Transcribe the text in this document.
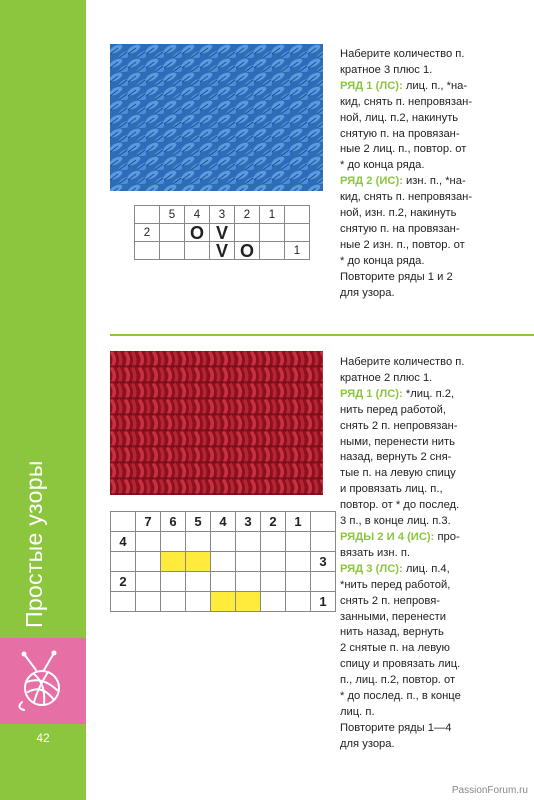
Простые узоры
42

Наберите количество п.

кратное 3 плюс 1.

РЯД 1 (ЛС): лиц. п., *на-

кид, снять п. непровязан-

ной, лиц. п.2, накинуть

снятую п. на провязан-

ные 2 лиц. п., повтор. от

* до конца ряда.

РЯД 2 (ИС): изн. п., *на-

кид, снять п. непровязан-

ной, изн. п.2, накинуть

снятую п. на провязан-

ные 2 изн. п., повтор. от

* до конца ряда.

Повторите ряды 1 и 2

для узора.

	5	4	3	2	1	
2		O	V			
			V	O		1

Наберите количество п.

кратное 2 плюс 1.

РЯД 1 (ЛС): *лиц. п.2,

нить перед работой,

снять 2 п. непровязан-

ными, перенести нить

назад, вернуть 2 сня-

тые п. на левую спицу

и провязать лиц. п.,

повтор. от * до послед.

3 п., в конце лиц. п.3.

РЯДЫ 2 И 4 (ИС): про-

вязать изн. п.

РЯД 3 (ЛС): лиц. п.4,

*нить перед работой,

снять 2 п. непровя-

занными, перенести

нить назад, вернуть

2 снятые п. на левую

спицу и провязать лиц.

п., лиц. п.2, повтор. от

* до послед. п., в конце

лиц. п.

Повторите ряды 1—4

для узора.

	7	6	5	4	3	2	1	
4								
								3
2								
								1
PassionForum.ru
